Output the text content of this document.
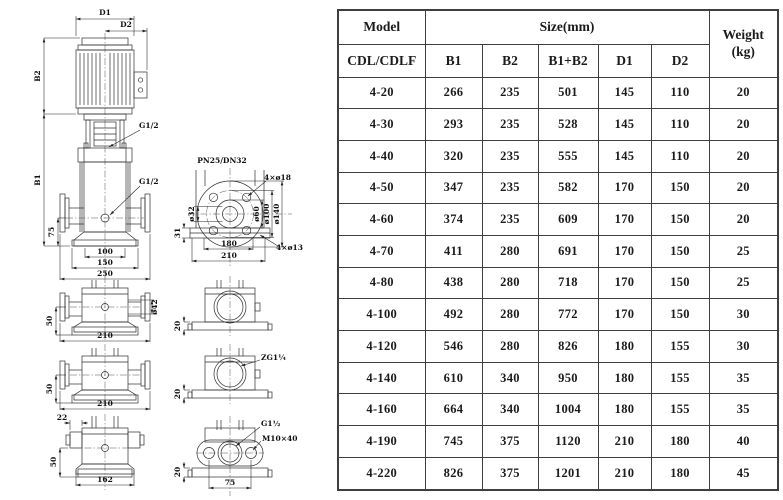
D1
D2
B2
B1
75
G1/2
G1/2
100
150
250
PN25/DN32
ø32	ø60 ø100 ø140
4×ø18
31
180
210
4×ø13
50
ø42
210
50
210
22
50
162
20
ZG1¼
20
G1½
M10×40
20
75
Model	Size(mm)					Weight
(kg)

CDL/CDLF	B1	B2	B1+B2	D1	D2	
4-20	266	235	501	145	110	20
4-30	293	235	528	145	110	20
4-40	320	235	555	145	110	20
4-50	347	235	582	170	150	20
4-60	374	235	609	170	150	20
4-70	411	280	691	170	150	25
4-80	438	280	718	170	150	25
4-100	492	280	772	170	150	30
4-120	546	280	826	180	155	30
4-140	610	340	950	180	155	35
4-160	664	340	1004	180	155	35
4-190	745	375	1120	210	180	40
4-220	826	375	1201	210	180	45
